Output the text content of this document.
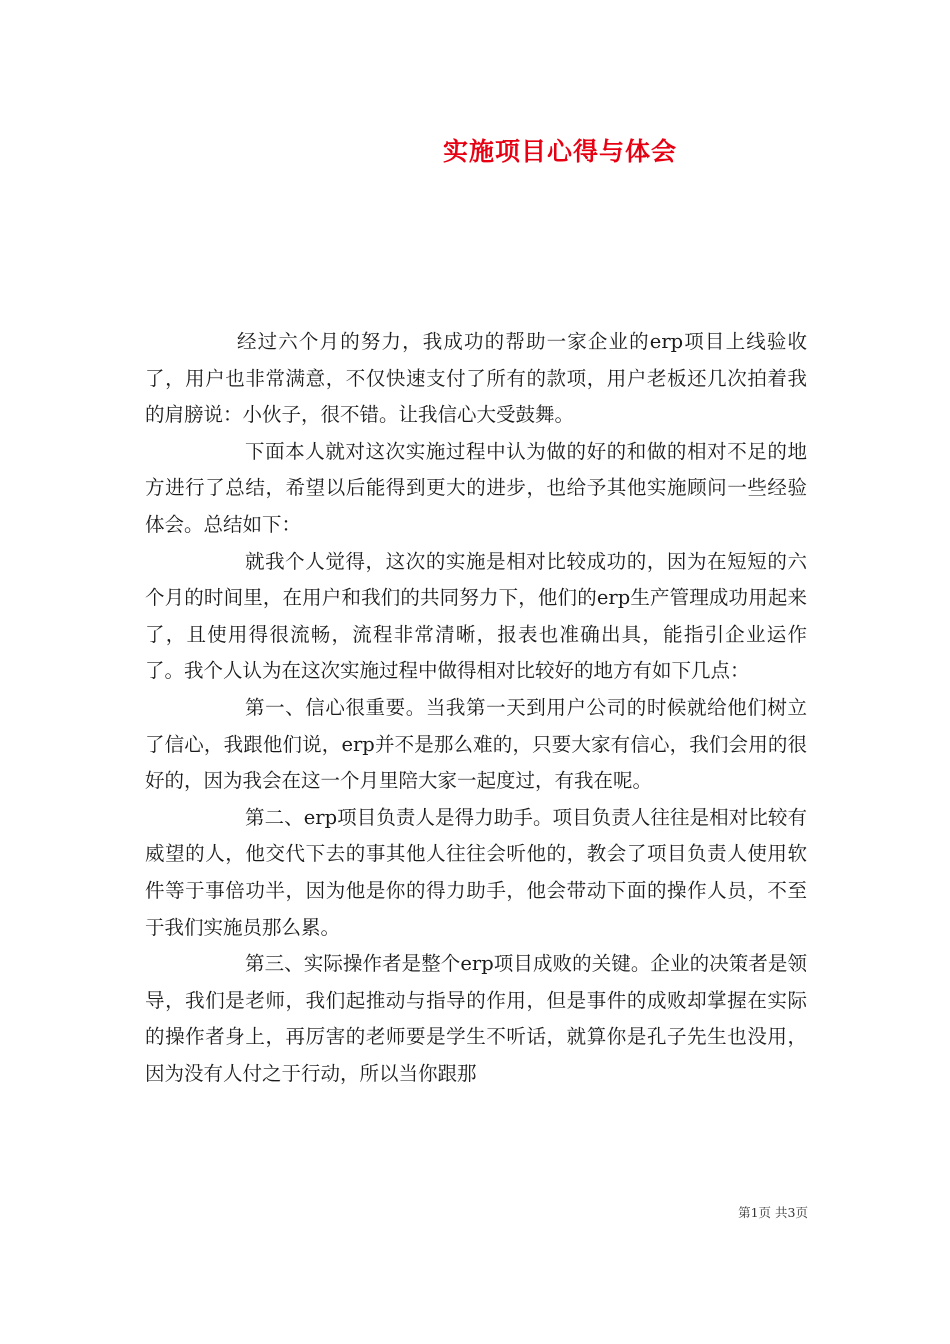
实施项目心得与体会

经过六个月的努力，我成功的帮助一家企业的erp项目上线验收了，用户也非常满意，不仅快速支付了所有的款项，用户老板还几次拍着我的肩膀说：小伙子，很不错。让我信心大受鼓舞。

下面本人就对这次实施过程中认为做的好的和做的相对不足的地方进行了总结，希望以后能得到更大的进步，也给予其他实施顾问一些经验体会。总结如下：

就我个人觉得，这次的实施是相对比较成功的，因为在短短的六个月的时间里，在用户和我们的共同努力下，他们的erp生产管理成功用起来了，且使用得很流畅，流程非常清晰，报表也准确出具，能指引企业运作了。我个人认为在这次实施过程中做得相对比较好的地方有如下几点：

第一、信心很重要。当我第一天到用户公司的时候就给他们树立了信心，我跟他们说，erp并不是那么难的，只要大家有信心，我们会用的很好的，因为我会在这一个月里陪大家一起度过，有我在呢。

第二、erp项目负责人是得力助手。项目负责人往往是相对比较有威望的人，他交代下去的事其他人往往会听他的，教会了项目负责人使用软件等于事倍功半，因为他是你的得力助手，他会带动下面的操作人员，不至于我们实施员那么累。

第三、实际操作者是整个erp项目成败的关键。企业的决策者是领导，我们是老师，我们起推动与指导的作用，但是事件的成败却掌握在实际的操作者身上，再厉害的老师要是学生不听话，就算你是孔子先生也没用，因为没有人付之于行动，所以当你跟那

第1页 共3页
